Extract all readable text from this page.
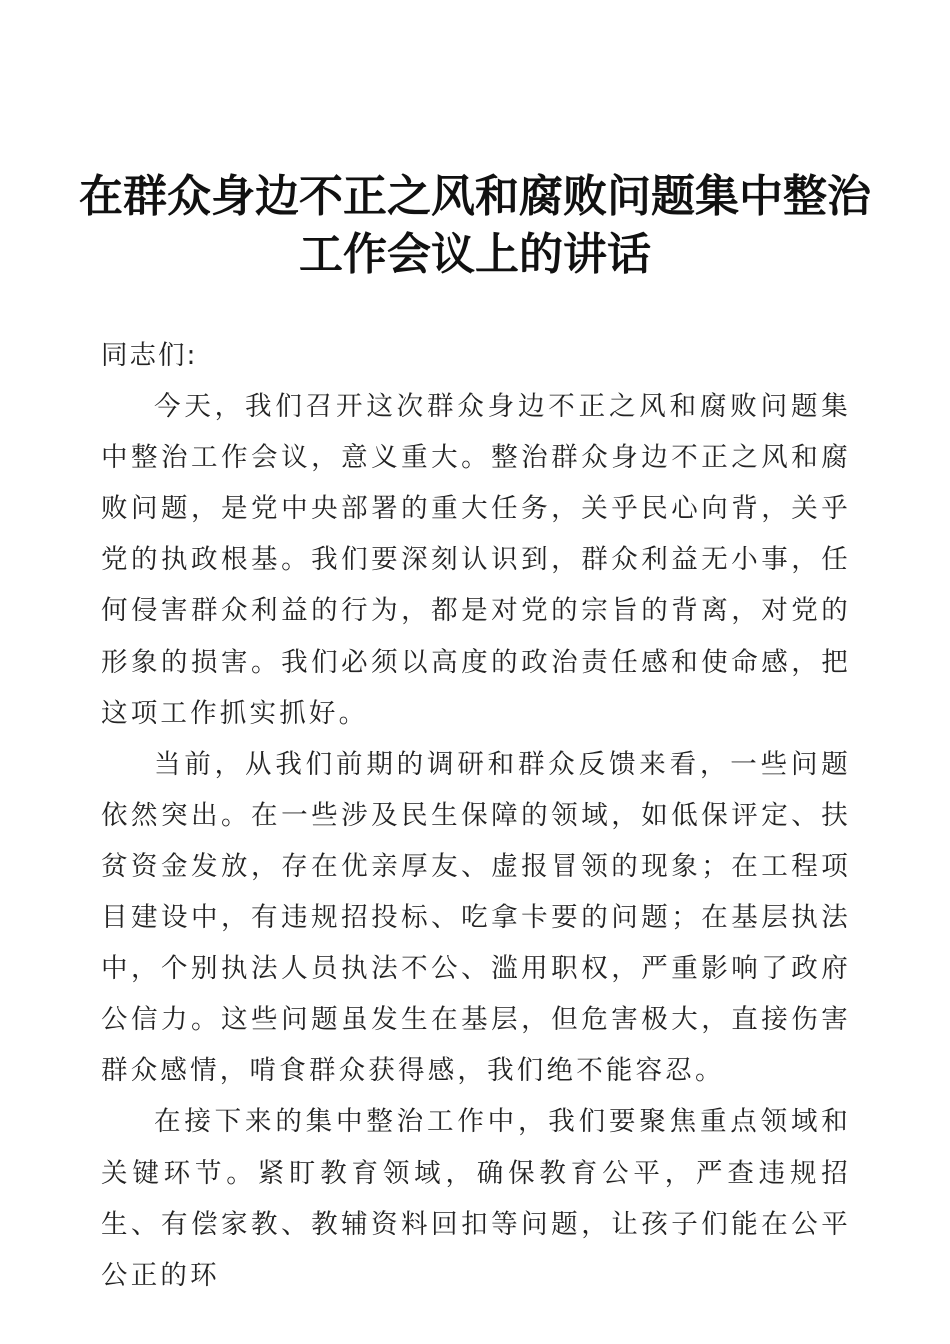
在群众身边不正之风和腐败问题集中整治
工作会议上的讲话

同志们:

今天，我们召开这次群众身边不正之风和腐败问题集中整治工作会议，意义重大。整治群众身边不正之风和腐败问题，是党中央部署的重大任务，关乎民心向背，关乎党的执政根基。我们要深刻认识到，群众利益无小事，任何侵害群众利益的行为，都是对党的宗旨的背离，对党的形象的损害。我们必须以高度的政治责任感和使命感，把这项工作抓实抓好。

当前，从我们前期的调研和群众反馈来看，一些问题依然突出。在一些涉及民生保障的领域，如低保评定、扶贫资金发放，存在优亲厚友、虚报冒领的现象；在工程项目建设中，有违规招投标、吃拿卡要的问题；在基层执法中，个别执法人员执法不公、滥用职权，严重影响了政府公信力。这些问题虽发生在基层，但危害极大，直接伤害群众感情，啃食群众获得感，我们绝不能容忍。

在接下来的集中整治工作中，我们要聚焦重点领域和关键环节。紧盯教育领域，确保教育公平，严查违规招生、有偿家教、教辅资料回扣等问题，让孩子们能在公平公正的环
